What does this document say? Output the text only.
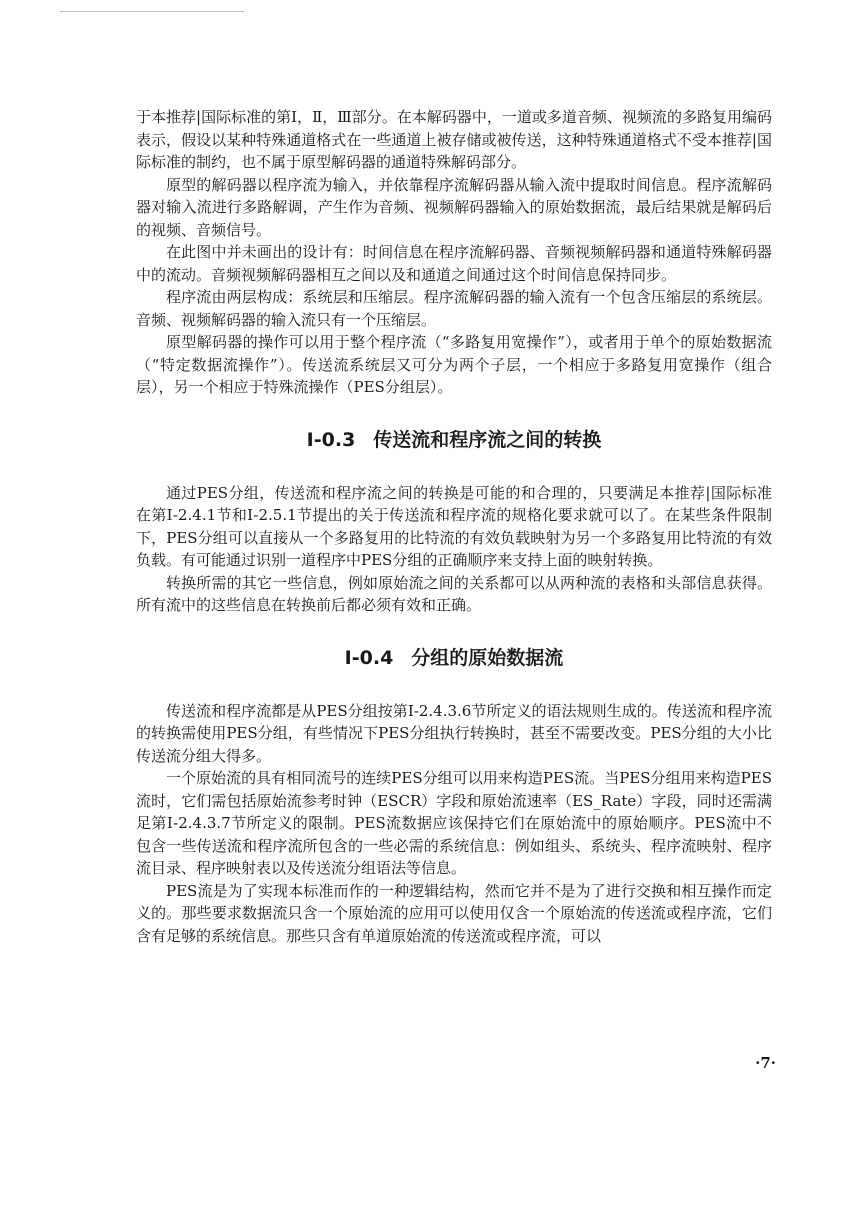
于本推荐|国际标准的第Ⅰ，Ⅱ，Ⅲ部分。在本解码器中，一道或多道音频、视频流的多路复用编码表示，假设以某种特殊通道格式在一些通道上被存储或被传送，这种特殊通道格式不受本推荐|国际标准的制约，也不属于原型解码器的通道特殊解码部分。

原型的解码器以程序流为输入，并依靠程序流解码器从输入流中提取时间信息。程序流解码器对输入流进行多路解调，产生作为音频、视频解码器输入的原始数据流，最后结果就是解码后的视频、音频信号。

在此图中并未画出的设计有：时间信息在程序流解码器、音频视频解码器和通道特殊解码器中的流动。音频视频解码器相互之间以及和通道之间通过这个时间信息保持同步。

程序流由两层构成：系统层和压缩层。程序流解码器的输入流有一个包含压缩层的系统层。音频、视频解码器的输入流只有一个压缩层。

原型解码器的操作可以用于整个程序流（“多路复用宽操作”），或者用于单个的原始数据流（“特定数据流操作”）。传送流系统层又可分为两个子层，一个相应于多路复用宽操作（组合层），另一个相应于特殊流操作（PES分组层）。

Ⅰ-0.3 传送流和程序流之间的转换

通过PES分组，传送流和程序流之间的转换是可能的和合理的，只要满足本推荐|国际标准在第Ⅰ-2.4.1节和Ⅰ-2.5.1节提出的关于传送流和程序流的规格化要求就可以了。在某些条件限制下，PES分组可以直接从一个多路复用的比特流的有效负载映射为另一个多路复用比特流的有效负载。有可能通过识别一道程序中PES分组的正确顺序来支持上面的映射转换。

转换所需的其它一些信息，例如原始流之间的关系都可以从两种流的表格和头部信息获得。所有流中的这些信息在转换前后都必须有效和正确。

Ⅰ-0.4 分组的原始数据流

传送流和程序流都是从PES分组按第Ⅰ-2.4.3.6节所定义的语法规则生成的。传送流和程序流的转换需使用PES分组，有些情况下PES分组执行转换时，甚至不需要改变。PES分组的大小比传送流分组大得多。

一个原始流的具有相同流号的连续PES分组可以用来构造PES流。当PES分组用来构造PES流时，它们需包括原始流参考时钟（ESCR）字段和原始流速率（ES_Rate）字段，同时还需满足第Ⅰ-2.4.3.7节所定义的限制。PES流数据应该保持它们在原始流中的原始顺序。PES流中不包含一些传送流和程序流所包含的一些必需的系统信息：例如组头、系统头、程序流映射、程序流目录、程序映射表以及传送流分组语法等信息。

PES流是为了实现本标准而作的一种逻辑结构，然而它并不是为了进行交换和相互操作而定义的。那些要求数据流只含一个原始流的应用可以使用仅含一个原始流的传送流或程序流，它们含有足够的系统信息。那些只含有单道原始流的传送流或程序流，可以

·7·
